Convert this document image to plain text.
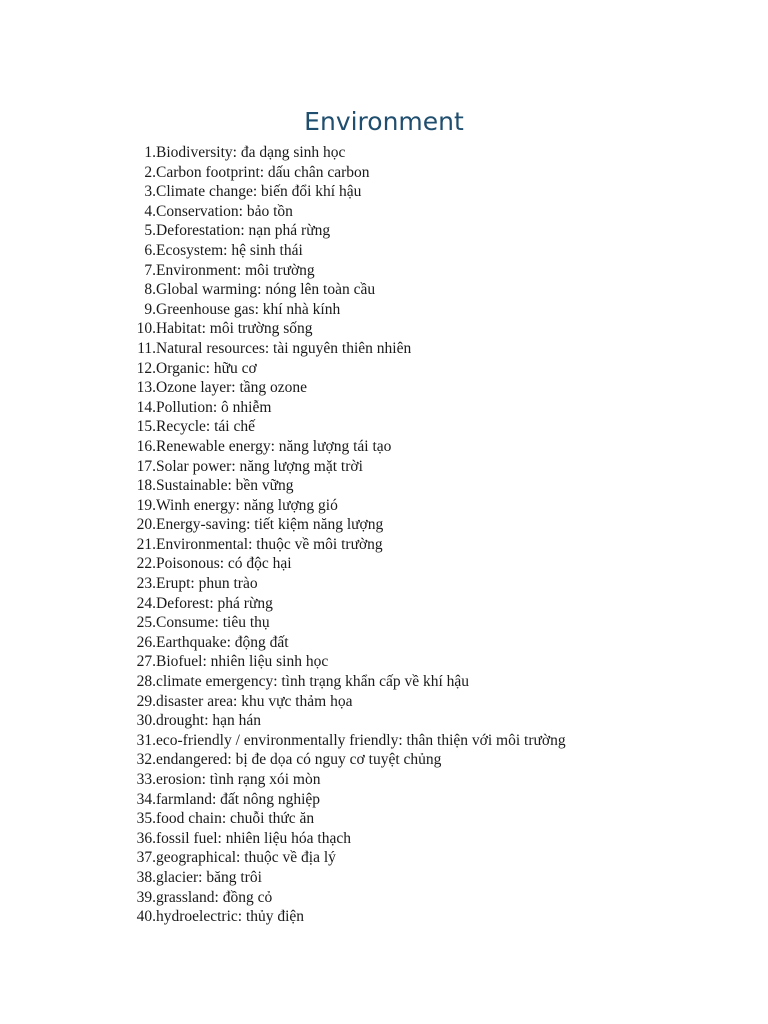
Environment
1. Biodiversity: đa dạng sinh học
2. Carbon footprint: dấu chân carbon
3. Climate change: biến đổi khí hậu
4. Conservation: bảo tồn
5. Deforestation: nạn phá rừng
6. Ecosystem: hệ sinh thái
7. Environment: môi trường
8. Global warming: nóng lên toàn cầu
9. Greenhouse gas: khí nhà kính
10. Habitat: môi trường sống
11. Natural resources: tài nguyên thiên nhiên
12. Organic: hữu cơ
13. Ozone layer: tầng ozone
14. Pollution: ô nhiễm
15. Recycle: tái chế
16. Renewable energy: năng lượng tái tạo
17. Solar power: năng lượng mặt trời
18. Sustainable: bền vững
19. Winh energy: năng lượng gió
20. Energy-saving: tiết kiệm năng lượng
21. Environmental: thuộc về môi trường
22. Poisonous: có độc hại
23. Erupt: phun trào
24. Deforest: phá rừng
25. Consume: tiêu thụ
26. Earthquake: động đất
27. Biofuel: nhiên liệu sinh học
28. climate emergency: tình trạng khẩn cấp về khí hậu
29. disaster area: khu vực thảm họa
30. drought: hạn hán
31. eco-friendly / environmentally friendly: thân thiện với môi trường
32. endangered: bị đe dọa có nguy cơ tuyệt chủng
33. erosion: tình rạng xói mòn
34. farmland: đất nông nghiệp
35. food chain: chuỗi thức ăn
36. fossil fuel: nhiên liệu hóa thạch
37. geographical: thuộc về địa lý
38. glacier: băng trôi
39. grassland: đồng cỏ
40. hydroelectric: thủy điện
